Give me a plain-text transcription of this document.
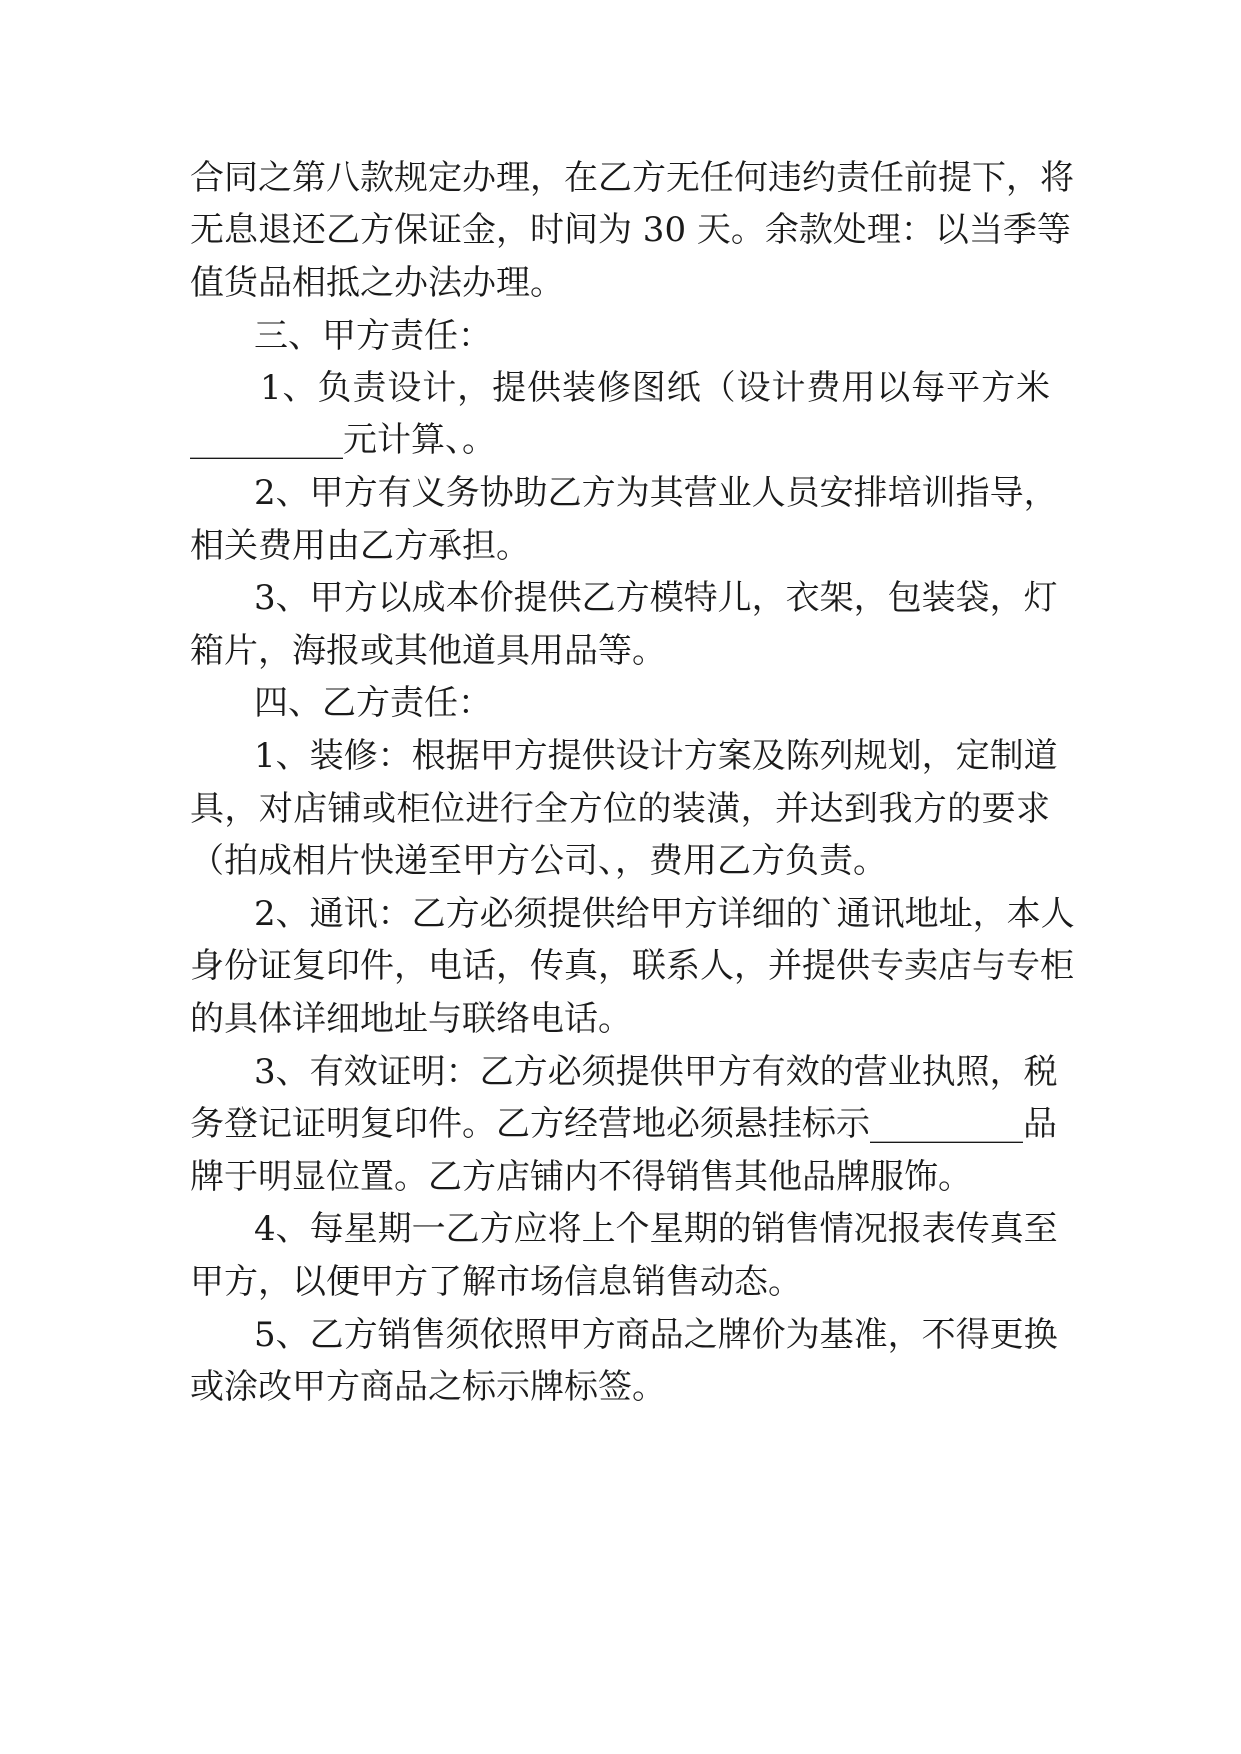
合同之第八款规定办理，在乙方无任何违约责任前提下，将
无息退还乙方保证金，时间为 30 天。余款处理：以当季等
值货品相抵之办法办理。
三、甲方责任：
1、负责设计，提供装修图纸（设计费用以每平方米
_________元计算、。
2、甲方有义务协助乙方为其营业人员安排培训指导，
相关费用由乙方承担。
3、甲方以成本价提供乙方模特儿，衣架，包装袋，灯
箱片，海报或其他道具用品等。
四、乙方责任：
1、装修：根据甲方提供设计方案及陈列规划，定制道
具，对店铺或柜位进行全方位的装潢，并达到我方的要求
（拍成相片快递至甲方公司、，费用乙方负责。
2、通讯：乙方必须提供给甲方详细的`通讯地址，本人
身份证复印件，电话，传真，联系人，并提供专卖店与专柜
的具体详细地址与联络电话。
3、有效证明：乙方必须提供甲方有效的营业执照，税
务登记证明复印件。乙方经营地必须悬挂标示_________品
牌于明显位置。乙方店铺内不得销售其他品牌服饰。
4、每星期一乙方应将上个星期的销售情况报表传真至
甲方，以便甲方了解市场信息销售动态。
5、乙方销售须依照甲方商品之牌价为基准，不得更换
或涂改甲方商品之标示牌标签。
